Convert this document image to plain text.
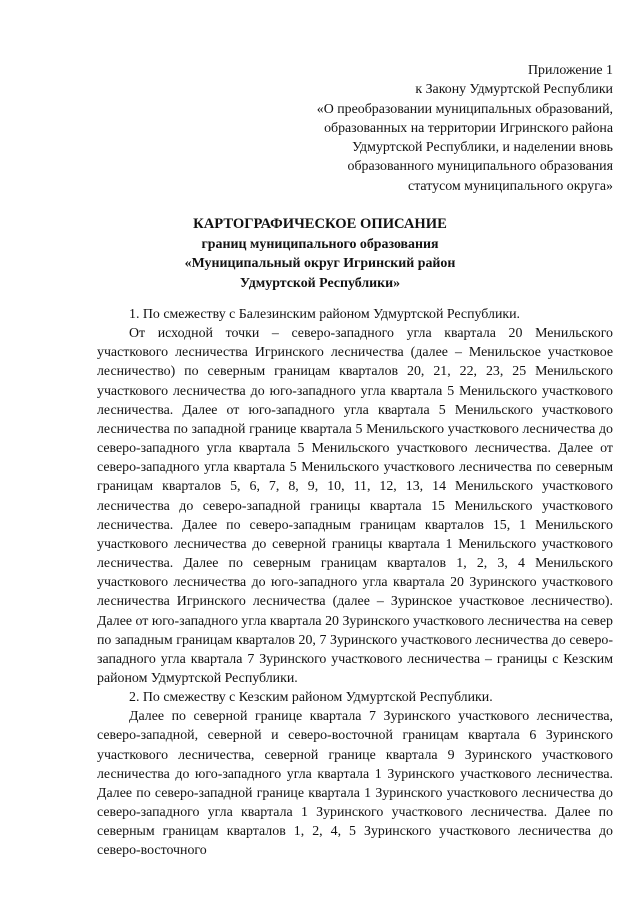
Приложение 1
к Закону Удмуртской Республики
«О преобразовании муниципальных образований,
образованных на территории Игринского района
Удмуртской Республики, и наделении вновь
образованного муниципального образования
статусом муниципального округа»
КАРТОГРАФИЧЕСКОЕ ОПИСАНИЕ
границ муниципального образования
«Муниципальный округ Игринский район
Удмуртской Республики»

1. По смежеству с Балезинским районом Удмуртской Республики.

От исходной точки – северо-западного угла квартала 20 Менильского участкового лесничества Игринского лесничества (далее – Менильское участковое лесничество) по северным границам кварталов 20, 21, 22, 23, 25 Менильского участкового лесничества до юго-западного угла квартала 5 Менильского участкового лесничества. Далее от юго-западного угла квартала 5 Менильского участкового лесничества по западной границе квартала 5 Менильского участкового лесничества до северо-западного угла квартала 5 Менильского участкового лесничества. Далее от северо-западного угла квартала 5 Менильского участкового лесничества по северным границам кварталов 5, 6, 7, 8, 9, 10, 11, 12, 13, 14 Менильского участкового лесничества до северо-западной границы квартала 15 Менильского участкового лесничества. Далее по северо-западным границам кварталов 15, 1 Менильского участкового лесничества до северной границы квартала 1 Менильского участкового лесничества. Далее по северным границам кварталов 1, 2, 3, 4 Менильского участкового лесничества до юго-западного угла квартала 20 Зуринского участкового лесничества Игринского лесничества (далее – Зуринское участковое лесничество). Далее от юго-западного угла квартала 20 Зуринского участкового лесничества на север по западным границам кварталов 20, 7 Зуринского участкового лесничества до северо-западного угла квартала 7 Зуринского участкового лесничества – границы с Кезским районом Удмуртской Республики.

2. По смежеству с Кезским районом Удмуртской Республики.

Далее по северной границе квартала 7 Зуринского участкового лесничества, северо-западной, северной и северо-восточной границам квартала 6 Зуринского участкового лесничества, северной границе квартала 9 Зуринского участкового лесничества до юго-западного угла квартала 1 Зуринского участкового лесничества. Далее по северо-западной границе квартала 1 Зуринского участкового лесничества до северо-западного угла квартала 1 Зуринского участкового лесничества. Далее по северным границам кварталов 1, 2, 4, 5 Зуринского участкового лесничества до северо-восточного
